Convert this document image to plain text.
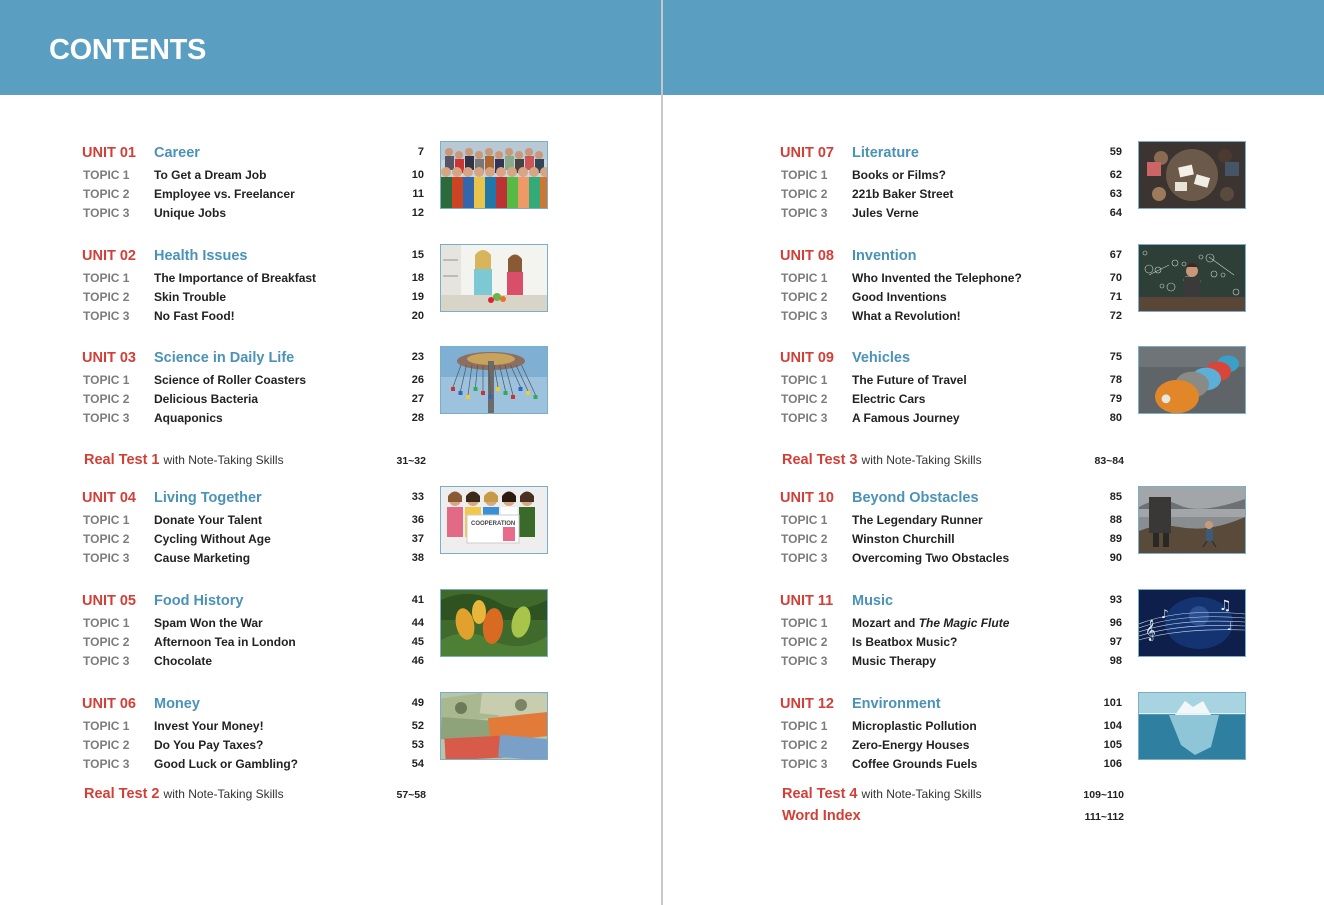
CONTENTS
UNIT 01 Career	7
TOPIC 1 To Get a Dream Job	10
TOPIC 2 Employee vs. Freelancer	11
TOPIC 3 Unique Jobs	12
UNIT 02 Health Issues	15
TOPIC 1 The Importance of Breakfast	18
TOPIC 2 Skin Trouble	19
TOPIC 3 No Fast Food!	20
UNIT 03 Science in Daily Life	23
TOPIC 1 Science of Roller Coasters	26
TOPIC 2 Delicious Bacteria	27
TOPIC 3 Aquaponics	28
UNIT 04 Living Together	33
COOPERATION
TOPIC 1 Donate Your Talent	36
TOPIC 2 Cycling Without Age	37
TOPIC 3 Cause Marketing	38
UNIT 05 Food History	41
TOPIC 1 Spam Won the War	44
TOPIC 2 Afternoon Tea in London	45
TOPIC 3 Chocolate	46
UNIT 06 Money	49
TOPIC 1 Invest Your Money!	52
TOPIC 2 Do You Pay Taxes?	53
TOPIC 3 Good Luck or Gambling?	54
Real Test 1 with Note-Taking Skills	31~32
Real Test 2 with Note-Taking Skills	57~58
UNIT 07 Literature	59
TOPIC 1 Books or Films?	62
TOPIC 2 221b Baker Street	63
TOPIC 3 Jules Verne	64
UNIT 08 Invention	67
TOPIC 1 Who Invented the Telephone?	70
TOPIC 2 Good Inventions	71
TOPIC 3 What a Revolution!	72
UNIT 09 Vehicles	75
TOPIC 1 The Future of Travel	78
TOPIC 2 Electric Cars	79
TOPIC 3 A Famous Journey	80
UNIT 10 Beyond Obstacles	85
TOPIC 1 The Legendary Runner	88
TOPIC 2 Winston Churchill	89
TOPIC 3 Overcoming Two Obstacles	90
UNIT 11 Music	93
𝄞
♪	♫
♩
TOPIC 1 Mozart and The Magic Flute	96
TOPIC 2 Is Beatbox Music?	97
TOPIC 3 Music Therapy	98
UNIT 12 Environment	101
TOPIC 1 Microplastic Pollution	104
TOPIC 2 Zero-Energy Houses	105
TOPIC 3 Coffee Grounds Fuels	106
Real Test 3 with Note-Taking Skills	83~84
Real Test 4 with Note-Taking Skills	109~110
Word Index	111~112
